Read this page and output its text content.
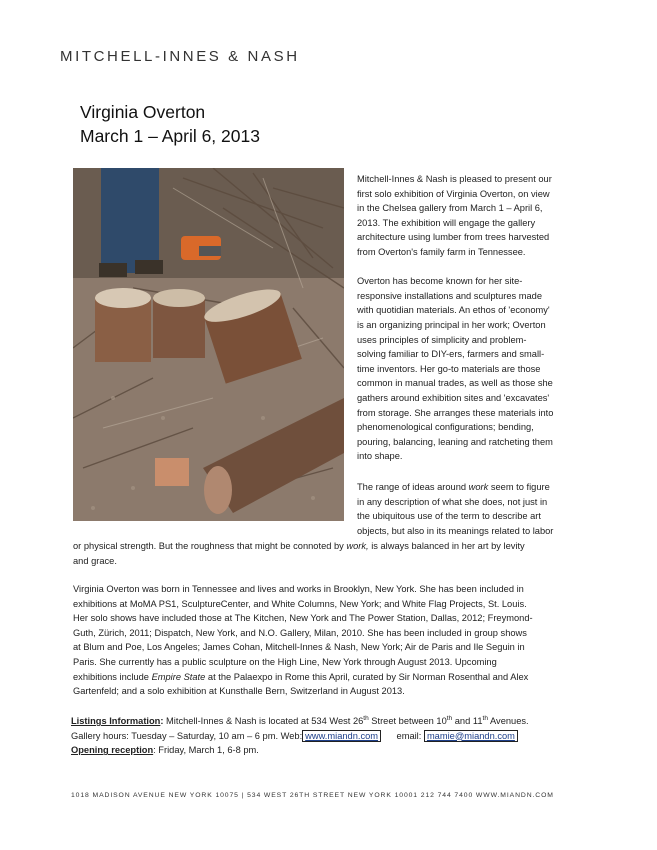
MITCHELL-INNES & NASH
Virginia Overton
March 1 – April 6, 2013

Mitchell-Innes & Nash is pleased to present our
first solo exhibition of Virginia Overton, on view
in the Chelsea gallery from March 1 – April 6,
2013. The exhibition will engage the gallery
architecture using lumber from trees harvested
from Overton's family farm in Tennessee.

Overton has become known for her site-
responsive installations and sculptures made
with quotidian materials. An ethos of 'economy'
is an organizing principal in her work; Overton
uses principles of simplicity and problem-
solving familiar to DIY-ers, farmers and small-
time inventors. Her go-to materials are those
common in manual trades, as well as those she
gathers around exhibition sites and 'excavates'
from storage. She arranges these materials into
phenomenological configurations; bending,
pouring, balancing, leaning and ratcheting them
into shape.

The range of ideas around work seem to figure
in any description of what she does, not just in
the ubiquitous use of the term to describe art
objects, but also in its meanings related to labor
or physical strength. But the roughness that might be connoted by work, is always balanced in her art by levity
and grace.
Virginia Overton was born in Tennessee and lives and works in Brooklyn, New York. She has been included in
exhibitions at MoMA PS1, SculptureCenter, and White Columns, New York; and White Flag Projects, St. Louis.
Her solo shows have included those at The Kitchen, New York and The Power Station, Dallas, 2012; Freymond-
Guth, Zürich, 2011; Dispatch, New York, and N.O. Gallery, Milan, 2010. She has been included in group shows
at Blum and Poe, Los Angeles; James Cohan, Mitchell-Innes & Nash, New York; Air de Paris and Ile Seguin in
Paris. She currently has a public sculpture on the High Line, New York through August 2013. Upcoming
exhibitions include Empire State at the Palaexpo in Rome this April, curated by Sir Norman Rosenthal and Alex
Gartenfeld; and a solo exhibition at Kunsthalle Bern, Switzerland in August 2013.
Listings Information: Mitchell-Innes & Nash is located at 534 West 26th Street between 10th and 11th Avenues.
Gallery hours: Tuesday – Saturday, 10 am – 6 pm. Web: www.miandn.com email: mamie@miandn.com
Opening reception: Friday, March 1, 6-8 pm.
1018 MADISON AVENUE NEW YORK 10075 | 534 WEST 26TH STREET NEW YORK 10001 212 744 7400 WWW.MIANDN.COM
